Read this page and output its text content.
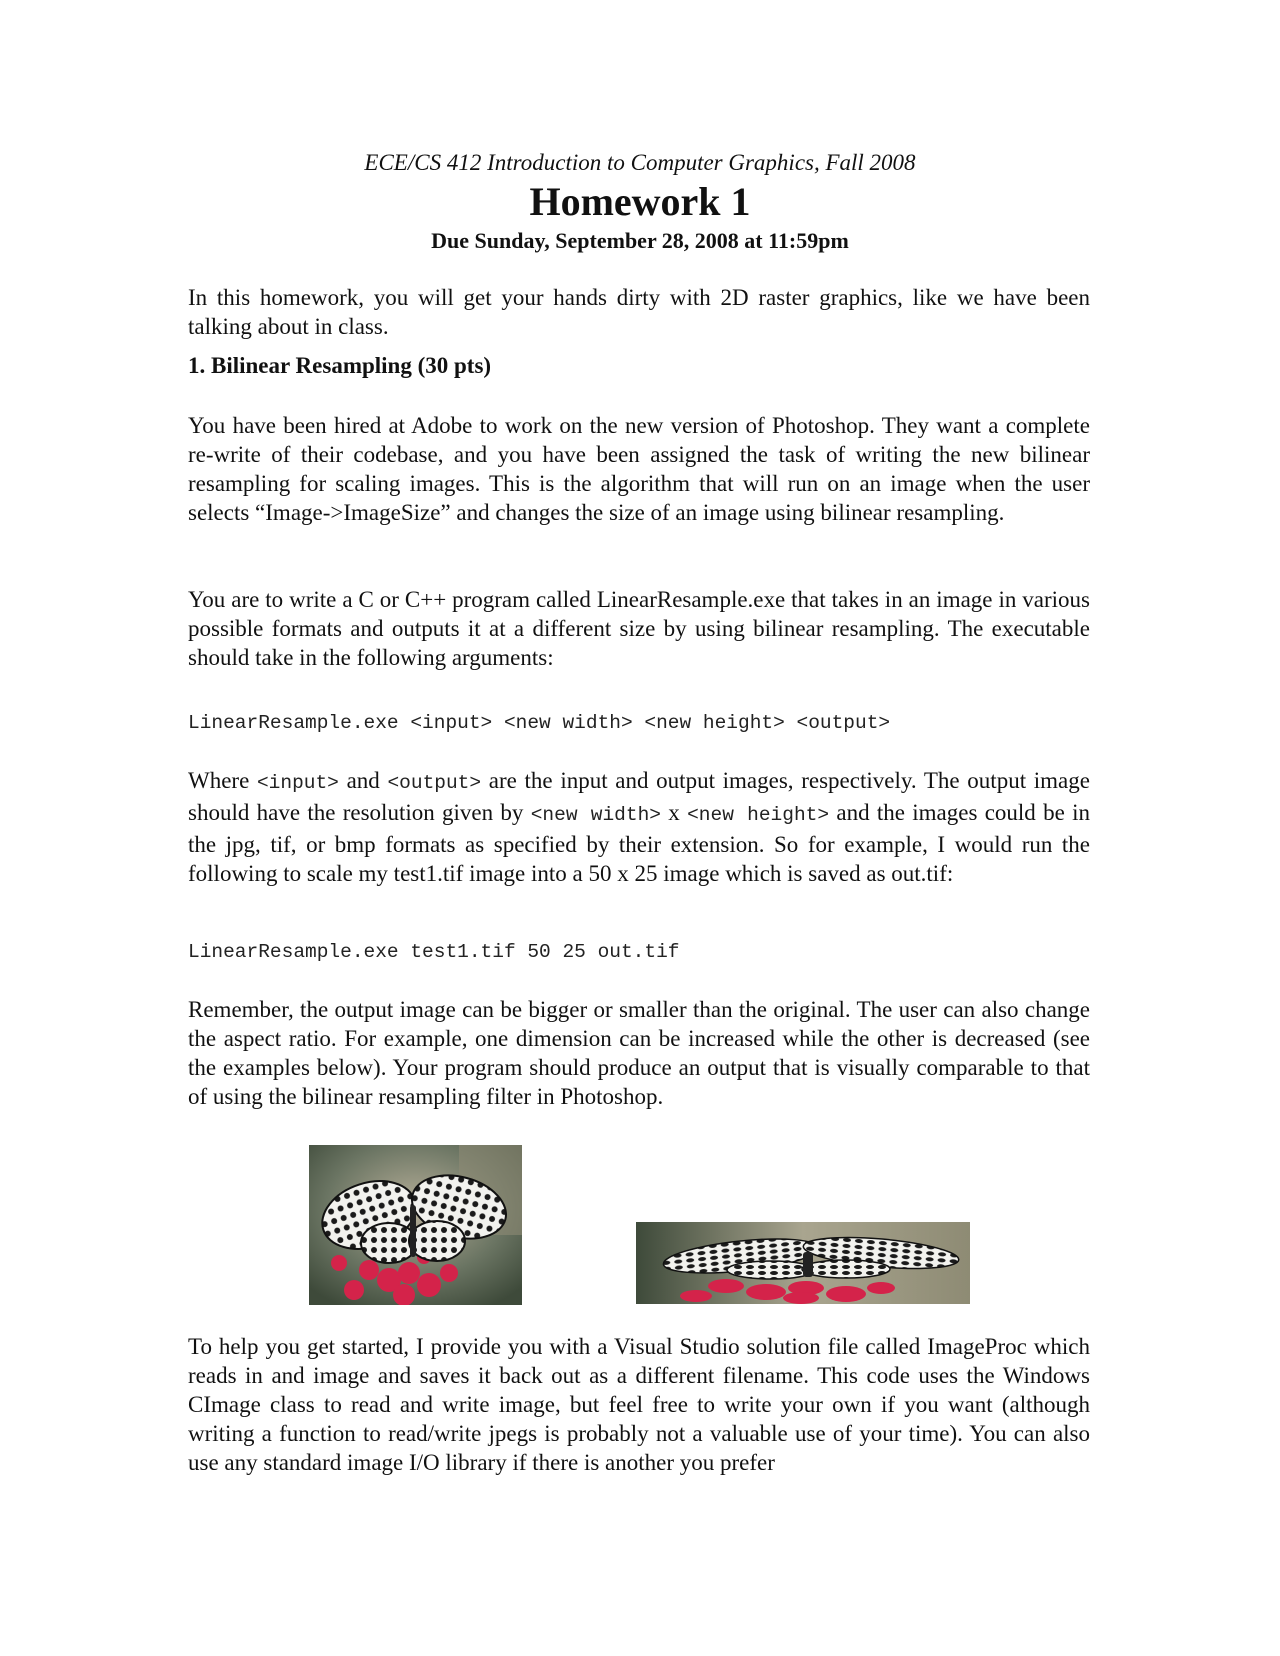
ECE/CS 412 Introduction to Computer Graphics, Fall 2008
Homework 1
Due Sunday, September 28, 2008 at 11:59pm

In this homework, you will get your hands dirty with 2D raster graphics, like we have been talking about in class.

1. Bilinear Resampling (30 pts)

You have been hired at Adobe to work on the new version of Photoshop. They want a complete re-write of their codebase, and you have been assigned the task of writing the new bilinear resampling for scaling images. This is the algorithm that will run on an image when the user selects “Image->ImageSize” and changes the size of an image using bilinear resampling.

You are to write a C or C++ program called LinearResample.exe that takes in an image in various possible formats and outputs it at a different size by using bilinear resampling. The executable should take in the following arguments:

LinearResample.exe <input> <new width> <new height> <output>

Where <input> and <output> are the input and output images, respectively. The output image should have the resolution given by <new width> x <new height> and the images could be in the jpg, tif, or bmp formats as specified by their extension. So for example, I would run the following to scale my test1.tif image into a 50 x 25 image which is saved as out.tif:

LinearResample.exe test1.tif 50 25 out.tif

Remember, the output image can be bigger or smaller than the original. The user can also change the aspect ratio. For example, one dimension can be increased while the other is decreased (see the examples below). Your program should produce an output that is visually comparable to that of using the bilinear resampling filter in Photoshop.

To help you get started, I provide you with a Visual Studio solution file called ImageProc which reads in and image and saves it back out as a different filename. This code uses the Windows CImage class to read and write image, but feel free to write your own if you want (although writing a function to read/write jpegs is probably not a valuable use of your time). You can also use any standard image I/O library if there is another you prefer
